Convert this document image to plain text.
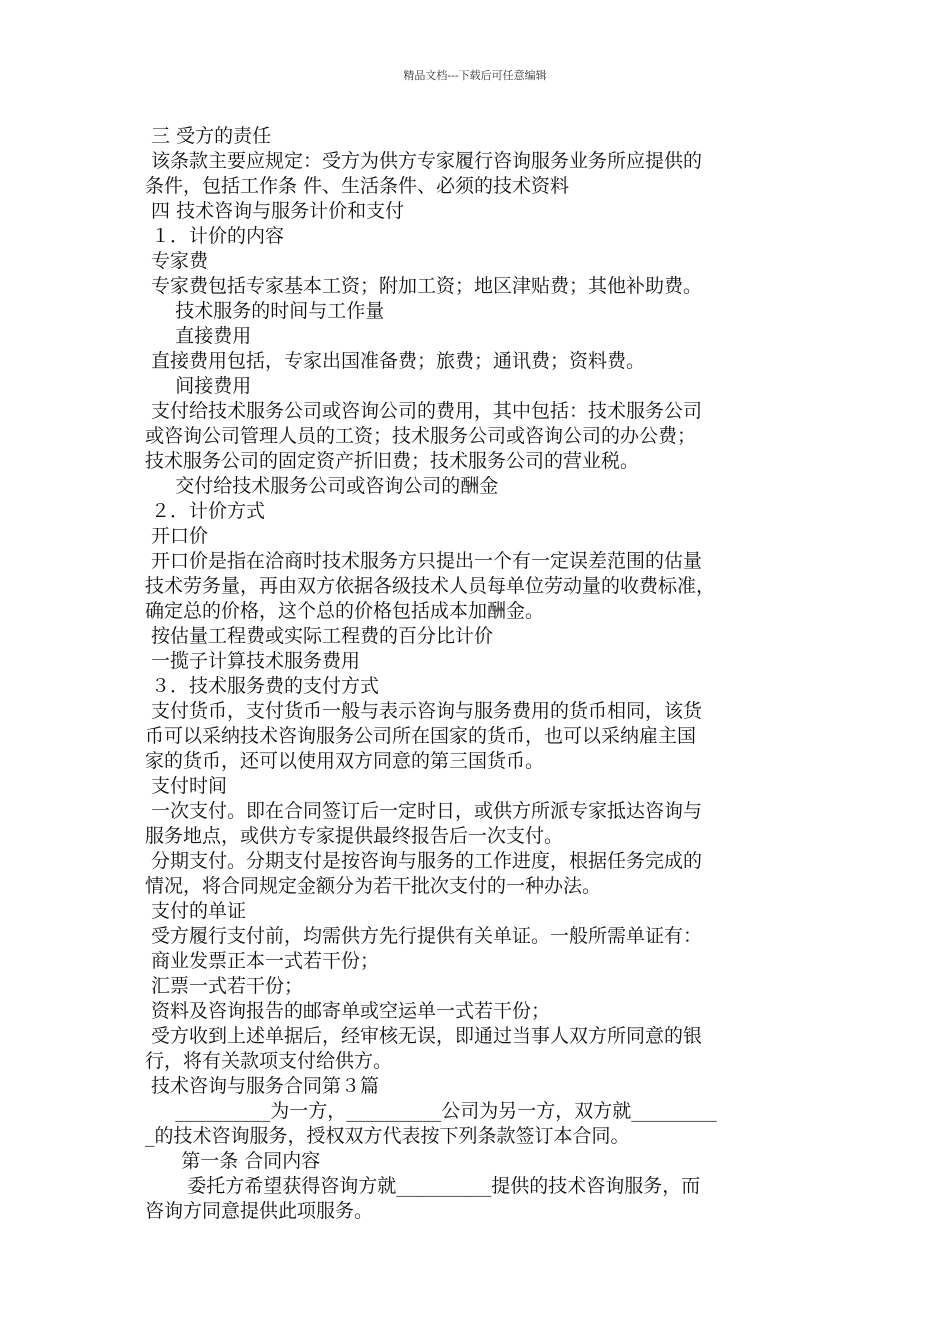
精品文档---下载后可任意编辑
三 受方的责任
该条款主要应规定：受方为供方专家履行咨询服务业务所应提供的
条件，包括工作条 件、生活条件、必须的技术资料
四 技术咨询与服务计价和支付
１．计价的内容
专家费
专家费包括专家基本工资；附加工资；地区津贴费；其他补助费。
技术服务的时间与工作量
直接费用
直接费用包括，专家出国准备费；旅费；通讯费；资料费。
间接费用
支付给技术服务公司或咨询公司的费用，其中包括：技术服务公司
或咨询公司管理人员的工资；技术服务公司或咨询公司的办公费；
技术服务公司的固定资产折旧费；技术服务公司的营业税。
交付给技术服务公司或咨询公司的酬金
２．计价方式
开口价
开口价是指在洽商时技术服务方只提出一个有一定误差范围的估量
技术劳务量，再由双方依据各级技术人员每单位劳动量的收费标准，
确定总的价格，这个总的价格包括成本加酬金。
按估量工程费或实际工程费的百分比计价
一揽子计算技术服务费用
３．技术服务费的支付方式
支付货币，支付货币一般与表示咨询与服务费用的货币相同，该货
币可以采纳技术咨询服务公司所在国家的货币，也可以采纳雇主国
家的货币，还可以使用双方同意的第三国货币。
支付时间
一次支付。即在合同签订后一定时日，或供方所派专家抵达咨询与
服务地点，或供方专家提供最终报告后一次支付。
分期支付。分期支付是按咨询与服务的工作进度，根据任务完成的
情况，将合同规定金额分为若干批次支付的一种办法。
支付的单证
受方履行支付前，均需供方先行提供有关单证。一般所需单证有：
商业发票正本一式若干份；
汇票一式若干份；
资料及咨询报告的邮寄单或空运单一式若干份；
受方收到上述单据后，经审核无误，即通过当事人双方所同意的银
行，将有关款项支付给供方。
技术咨询与服务合同第３篇
__________为一方，__________公司为另一方，双方就_________
_的技术咨询服务，授权双方代表按下列条款签订本合同。
第一条 合同内容
委托方希望获得咨询方就__________提供的技术咨询服务，而
咨询方同意提供此项服务。
